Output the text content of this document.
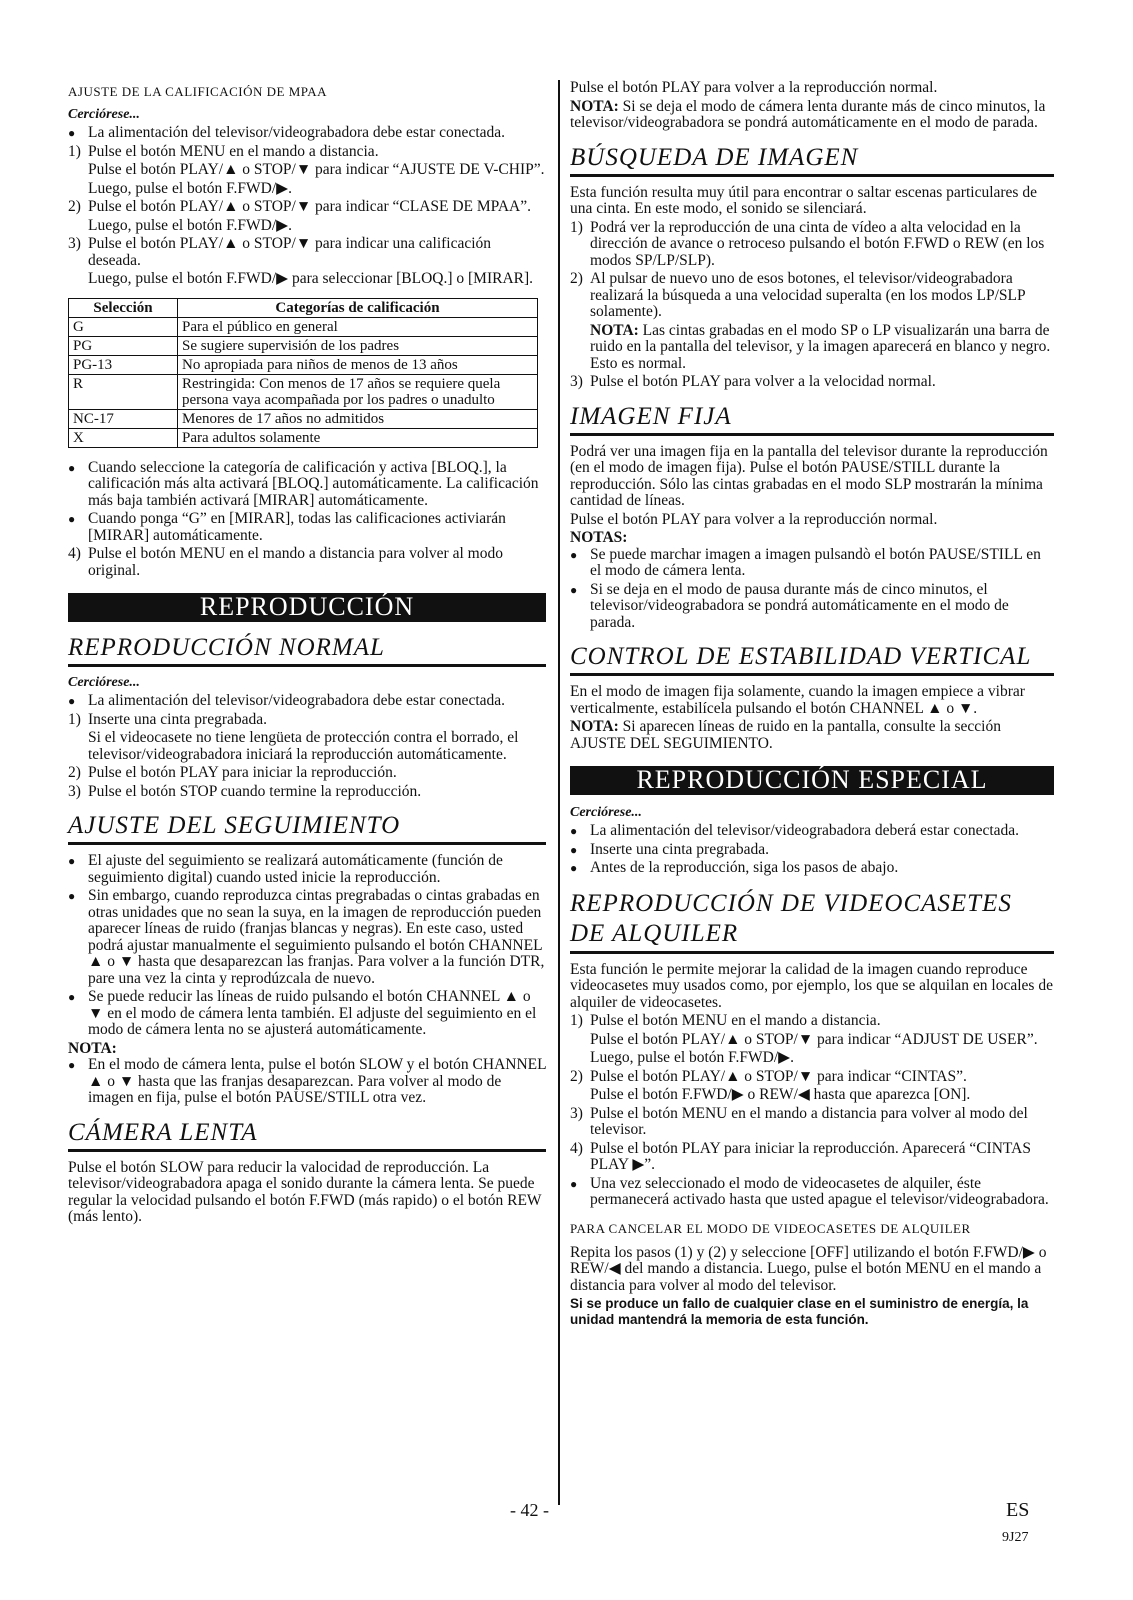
AJUSTE DE LA CALIFICACIÓN DE MPAA
Cerciórese...
● La alimentación del televisor/videograbadora debe estar conectada.
1) Pulse el botón MENU en el mando a distancia.
Pulse el botón PLAY/▲ o STOP/▼ para indicar “AJUSTE DE V-CHIP”.
Luego, pulse el botón F.FWD/▶.
2) Pulse el botón PLAY/▲ o STOP/▼ para indicar “CLASE DE MPAA”.
Luego, pulse el botón F.FWD/▶.
3) Pulse el botón PLAY/▲ o STOP/▼ para indicar una calificación deseada.
Luego, pulse el botón F.FWD/▶ para seleccionar [BLOQ.] o [MIRAR].
Selección	Categorías de calificación
G	Para el público en general
PG	Se sugiere supervisión de los padres
PG-13	No apropiada para niños de menos de 13 años
R	Restringida: Con menos de 17 años se requiere quela persona vaya acompañada por los padres o unadulto
NC-17	Menores de 17 años no admitidos
X	Para adultos solamente
● Cuando seleccione la categoría de calificación y activa [BLOQ.], la calificación más alta activará [BLOQ.] automáticamente. La calificación más baja también activará [MIRAR] automáticamente.
● Cuando ponga “G” en [MIRAR], todas las calificaciones activiarán [MIRAR] automáticamente.
4) Pulse el botón MENU en el mando a distancia para volver al modo original.
REPRODUCCIÓN
REPRODUCCIÓN NORMAL
Cerciórese...
● La alimentación del televisor/videograbadora debe estar conectada.
1) Inserte una cinta pregrabada.
Si el videocasete no tiene lengüeta de protección contra el borrado, el televisor/videograbadora iniciará la reproducción automáticamente.
2) Pulse el botón PLAY para iniciar la reproducción.
3) Pulse el botón STOP cuando termine la reproducción.
AJUSTE DEL SEGUIMIENTO
● El ajuste del seguimiento se realizará automáticamente (función de seguimiento digital) cuando usted inicie la reproducción.
● Sin embargo, cuando reproduzca cintas pregrabadas o cintas grabadas en otras unidades que no sean la suya, en la imagen de reproducción pueden aparecer líneas de ruido (franjas blancas y negras). En este caso, usted podrá ajustar manualmente el seguimiento pulsando el botón CHANNEL ▲ o ▼ hasta que desaparezcan las franjas. Para volver a la función DTR, pare una vez la cinta y reprodúzcala de nuevo.
● Se puede reducir las líneas de ruido pulsando el botón CHANNEL ▲ o ▼ en el modo de cámera lenta también. El adjuste del seguimiento en el modo de cámera lenta no se ajusterá automáticamente.
NOTA:
● En el modo de cámera lenta, pulse el botón SLOW y el botón CHANNEL ▲ o ▼ hasta que las franjas desaparezcan. Para volver al modo de imagen en fija, pulse el botón PAUSE/STILL otra vez.
CÁMERA LENTA

Pulse el botón SLOW para reducir la valocidad de reproducción. La televisor/videograbadora apaga el sonido durante la cámera lenta. Se puede regular la velocidad pulsando el botón F.FWD (más rapido) o el botón REW (más lento).

Pulse el botón PLAY para volver a la reproducción normal.

NOTA: Si se deja el modo de cámera lenta durante más de cinco minutos, la televisor/videograbadora se pondrá automáticamente en el modo de parada.

BÚSQUEDA DE IMAGEN

Esta función resulta muy útil para encontrar o saltar escenas particulares de una cinta. En este modo, el sonido se silenciará.

1) Podrá ver la reproducción de una cinta de vídeo a alta velocidad en la dirección de avance o retroceso pulsando el botón F.FWD o REW (en los modos SP/LP/SLP).
2) Al pulsar de nuevo uno de esos botones, el televisor/videograbadora realizará la búsqueda a una velocidad superalta (en los modos LP/SLP solamente).
NOTA: Las cintas grabadas en el modo SP o LP visualizarán una barra de ruido en la pantalla del televisor, y la imagen aparecerá en blanco y negro. Esto es normal.
3) Pulse el botón PLAY para volver a la velocidad normal.
IMAGEN FIJA

Podrá ver una imagen fija en la pantalla del televisor durante la reproducción (en el modo de imagen fija). Pulse el botón PAUSE/STILL durante la reproducción. Sólo las cintas grabadas en el modo SLP mostrarán la mínima cantidad de líneas.

Pulse el botón PLAY para volver a la reproducción normal.

NOTAS:
● Se puede marchar imagen a imagen pulsandò el botón PAUSE/STILL en el modo de cámera lenta.
● Si se deja en el modo de pausa durante más de cinco minutos, el televisor/videograbadora se pondrá automáticamente en el modo de parada.
CONTROL DE ESTABILIDAD VERTICAL

En el modo de imagen fija solamente, cuando la imagen empiece a vibrar verticalmente, estabilícela pulsando el botón CHANNEL ▲ o ▼.

NOTA: Si aparecen líneas de ruido en la pantalla, consulte la sección AJUSTE DEL SEGUIMIENTO.

REPRODUCCIÓN ESPECIAL
Cerciórese...
● La alimentación del televisor/videograbadora deberá estar conectada.
● Inserte una cinta pregrabada.
● Antes de la reproducción, siga los pasos de abajo.
REPRODUCCIÓN DE VIDEOCASETES DE ALQUILER

Esta función le permite mejorar la calidad de la imagen cuando reproduce videocasetes muy usados como, por ejemplo, los que se alquilan en locales de alquiler de videocasetes.

1) Pulse el botón MENU en el mando a distancia.
Pulse el botón PLAY/▲ o STOP/▼ para indicar “ADJUST DE USER”.
Luego, pulse el botón F.FWD/▶.
2) Pulse el botón PLAY/▲ o STOP/▼ para indicar “CINTAS”.
Pulse el botón F.FWD/▶ o REW/◀ hasta que aparezca [ON].
3) Pulse el botón MENU en el mando a distancia para volver al modo del televisor.
4) Pulse el botón PLAY para iniciar la reproducción. Aparecerá “CINTAS PLAY ▶”.
● Una vez seleccionado el modo de videocasetes de alquiler, éste permanecerá activado hasta que usted apague el televisor/videograbadora.
PARA CANCELAR EL MODO DE VIDEOCASETES DE ALQUILER

Repita los pasos (1) y (2) y seleccione [OFF] utilizando el botón F.FWD/▶ o REW/◀ del mando a distancia. Luego, pulse el botón MENU en el mando a distancia para volver al modo del televisor.

Si se produce un fallo de cualquier clase en el suministro de energía, la unidad mantendrá la memoria de esta función.
- 42 -	ES
9J27
